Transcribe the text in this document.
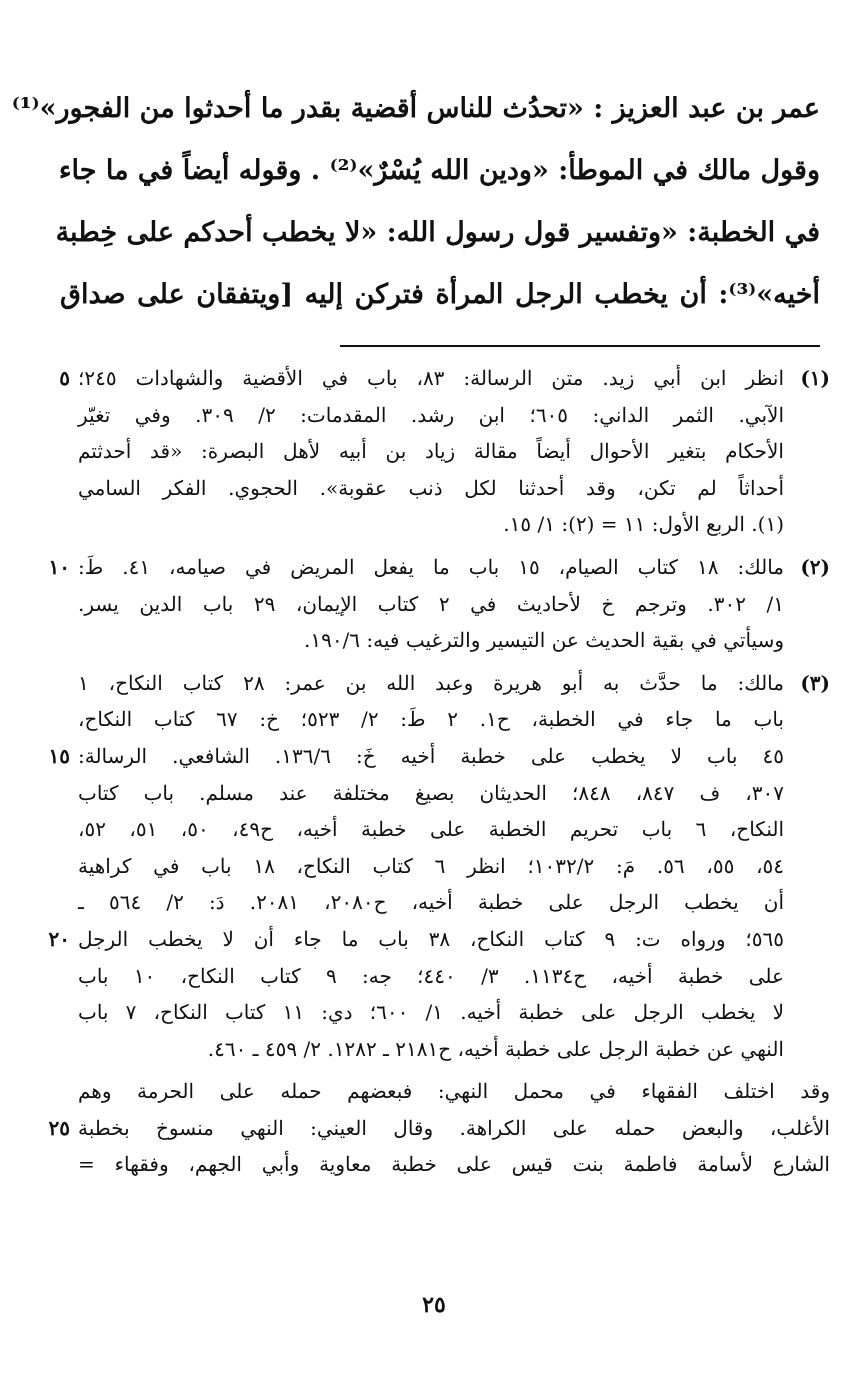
عمر بن عبد العزيز : «تحدُث للناس أقضية بقدر ما أحدثوا من الفجور»⁽¹⁾
وقول مالك في الموطأ: «ودين الله يُسْرٌ»⁽²⁾ . وقوله أيضاً في ما جاء
في الخطبة: «وتفسير قول رسول الله: «لا يخطب أحدكم على خِطبة
أخيه»⁽³⁾: أن يخطب الرجل المرأة فتركن إليه [ويتفقان على صداق
(١)
انظر ابن أبي زيد. متن الرسالة: ٨٣، باب في الأقضية والشهادات ٢٤٥؛
٥
الآبي. الثمر الداني: ٦٠٥؛ ابن رشد. المقدمات: ٢/ ٣٠٩. وفي تغيّر
الأحكام بتغير الأحوال أيضاً مقالة زياد بن أبيه لأهل البصرة: «قد أحدثتم
أحداثاً لم تكن، وقد أحدثنا لكل ذنب عقوبة». الحجوي. الفكر السامي
(١). الربع الأول: ١١ = (٢): ١/ ١٥.
(٢)
مالك: ١٨ كتاب الصيام، ١٥ باب ما يفعل المريض في صيامه، ٤١. طَ:
١٠
١/ ٣٠٢. وترجم خ لأحاديث في ٢ كتاب الإيمان، ٢٩ باب الدين يسر.
وسيأتي في بقية الحديث عن التيسير والترغيب فيه: ١٩٠/٦.
(٣)
مالك: ما حدَّث به أبو هريرة وعبد الله بن عمر: ٢٨ كتاب النكاح، ١
باب ما جاء في الخطبة، ح١. ٢ طَ: ٢/ ٥٢٣؛ خ: ٦٧ كتاب النكاح،
٤٥ باب لا يخطب على خطبة أخيه خَ: ١٣٦/٦. الشافعي. الرسالة:
١٥
٣٠٧، ف ٨٤٧، ٨٤٨؛ الحديثان بصيغ مختلفة عند مسلم. باب كتاب
النكاح، ٦ باب تحريم الخطبة على خطبة أخيه، ح٤٩، ٥٠، ٥١، ٥٢،
٥٤، ٥٥، ٥٦. مَ: ١٠٣٢/٢؛ انظر ٦ كتاب النكاح، ١٨ باب في كراهية
أن يخطب الرجل على خطبة أخيه، ح٢٠٨٠، ٢٠٨١. دَ: ٢/ ٥٦٤ ـ
٥٦٥؛ ورواه ت: ٩ كتاب النكاح، ٣٨ باب ما جاء أن لا يخطب الرجل
٢٠
على خطبة أخيه، ح١١٣٤. ٣/ ٤٤٠؛ جه: ٩ كتاب النكاح، ١٠ باب
لا يخطب الرجل على خطبة أخيه. ١/ ٦٠٠؛ دي: ١١ كتاب النكاح، ٧ باب
النهي عن خطبة الرجل على خطبة أخيه، ح٢١٨١ ـ ١٢٨٢. ٢/ ٤٥٩ ـ ٤٦٠.
وقد اختلف الفقهاء في محمل النهي: فبعضهم حمله على الحرمة وهم
الأغلب، والبعض حمله على الكراهة. وقال العيني: النهي منسوخ بخطبة
٢٥
الشارع لأسامة فاطمة بنت قيس على خطبة معاوية وأبي الجهم، وفقهاء =
٢٥
